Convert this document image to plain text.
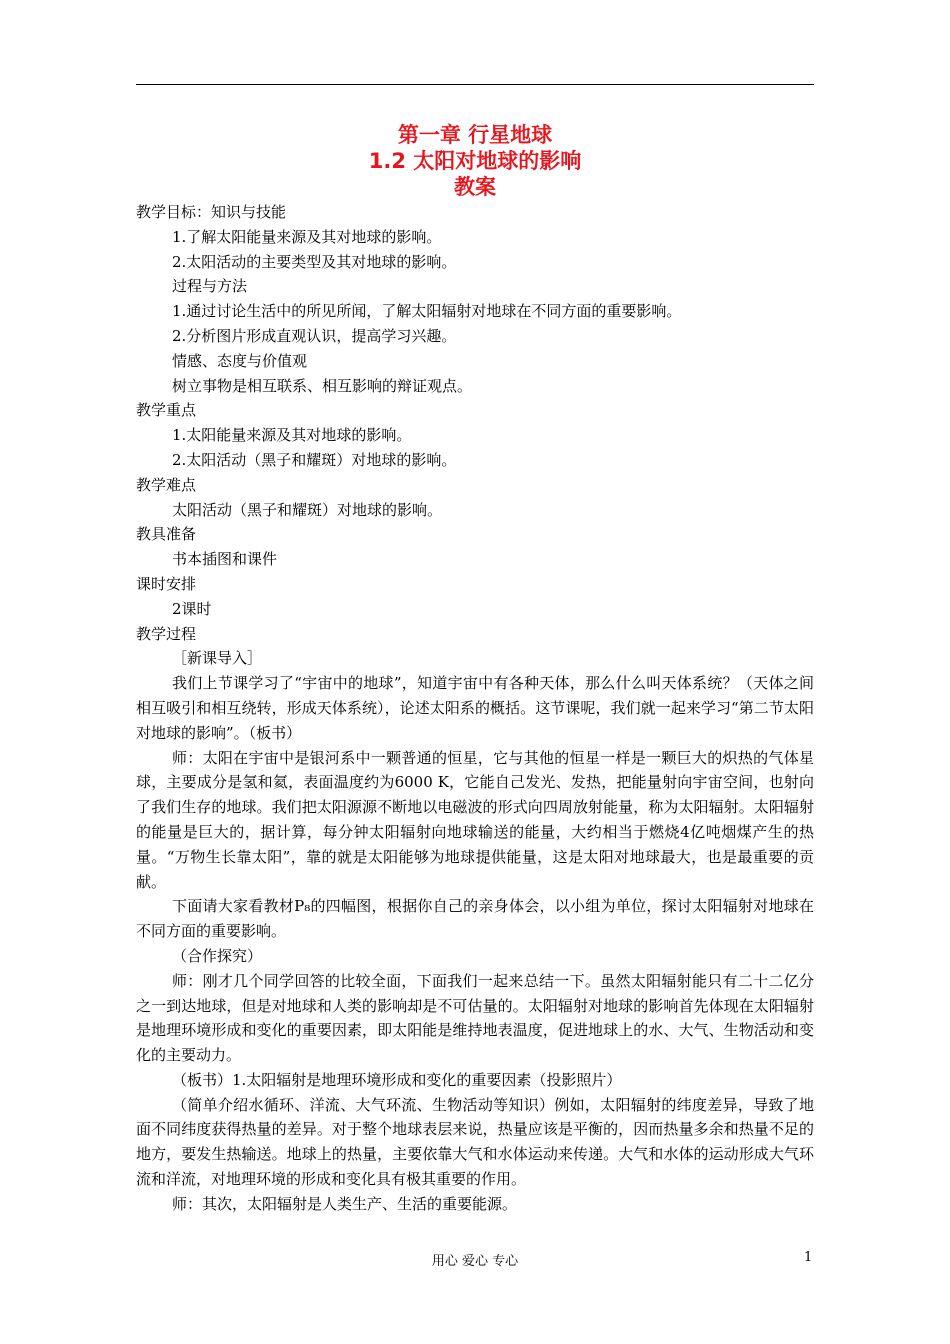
第一章 行星地球
1.2 太阳对地球的影响
教案

教学目标：知识与技能

1.了解太阳能量来源及其对地球的影响。

2.太阳活动的主要类型及其对地球的影响。

过程与方法

1.通过讨论生活中的所见所闻，了解太阳辐射对地球在不同方面的重要影响。

2.分析图片形成直观认识，提高学习兴趣。

情感、态度与价值观

树立事物是相互联系、相互影响的辩证观点。

教学重点

1.太阳能量来源及其对地球的影响。

2.太阳活动（黑子和耀斑）对地球的影响。

教学难点

太阳活动（黑子和耀斑）对地球的影响。

教具准备

书本插图和课件

课时安排

2课时

教学过程

［新课导入］

我们上节课学习了“宇宙中的地球”，知道宇宙中有各种天体，那么什么叫天体系统？（天体之间相互吸引和相互绕转，形成天体系统），论述太阳系的概括。这节课呢，我们就一起来学习“第二节太阳对地球的影响”。（板书）

师：太阳在宇宙中是银河系中一颗普通的恒星，它与其他的恒星一样是一颗巨大的炽热的气体星球，主要成分是氢和氦，表面温度约为6000 K，它能自己发光、发热，把能量射向宇宙空间，也射向了我们生存的地球。我们把太阳源源不断地以电磁波的形式向四周放射能量，称为太阳辐射。太阳辐射的能量是巨大的，据计算，每分钟太阳辐射向地球输送的能量，大约相当于燃烧4亿吨烟煤产生的热量。“万物生长靠太阳”，靠的就是太阳能够为地球提供能量，这是太阳对地球最大，也是最重要的贡献。

下面请大家看教材P₈的四幅图，根据你自己的亲身体会，以小组为单位，探讨太阳辐射对地球在不同方面的重要影响。

（合作探究）

师：刚才几个同学回答的比较全面，下面我们一起来总结一下。虽然太阳辐射能只有二十二亿分之一到达地球，但是对地球和人类的影响却是不可估量的。太阳辐射对地球的影响首先体现在太阳辐射是地理环境形成和变化的重要因素，即太阳能是维持地表温度，促进地球上的水、大气、生物活动和变化的主要动力。

（板书）1.太阳辐射是地理环境形成和变化的重要因素（投影照片）

（简单介绍水循环、洋流、大气环流、生物活动等知识）例如，太阳辐射的纬度差异，导致了地面不同纬度获得热量的差异。对于整个地球表层来说，热量应该是平衡的，因而热量多余和热量不足的地方，要发生热输送。地球上的热量，主要依靠大气和水体运动来传递。大气和水体的运动形成大气环流和洋流，对地理环境的形成和变化具有极其重要的作用。

师：其次，太阳辐射是人类生产、生活的重要能源。

用心 爱心 专心	1
